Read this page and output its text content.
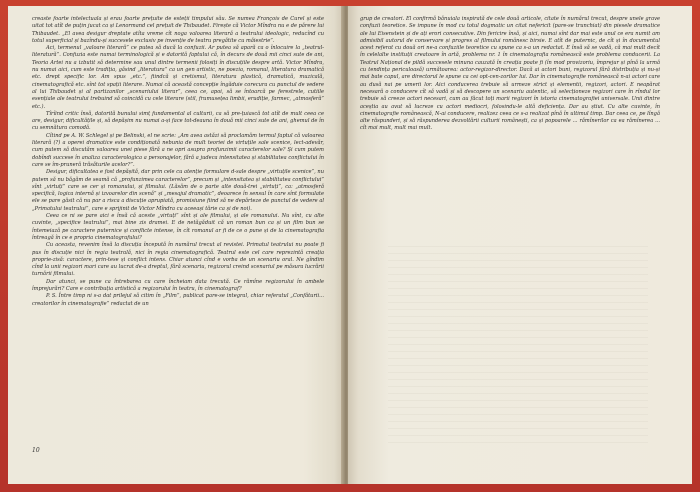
creaste foarte intelectuala și erau foarte prețuite de esteții timpului său. Se numea François de Curel și este uitat tot atît de puțin jucat ca și Lenormand cel prețuit de Thibaudet. Firește că Victor Mîndra nu e de părere lui Thibaudet. „El avea desigur dreptate atîta vreme cît noga valoarea literară a teatrului ideologic, reducînd cu totul superficial și bazîndu-și succesele exclusiv pe invenție de teatru pregătite cu măiestrie”.

Aci, termenul „valoare literară” ce putea să ducă la confuzii. Ar putea să apară ca o înlocuire la „teatrul-literatură”. Confuzia este numai terminologică și e datorită faptului că, în decurs de două mii cinci sute de ani, Teoria Artei nu a izbutit să determine sau unul dintre termenii folosiți în discuțiile despre artă. Victor Mîndra, nu numai aici, cum este tradiția, găsind „literatura” ca un gen artistic, ne poezia, romanul, literatura dramatică etc. drept specific lor. Am spus „etc.”, fiindcă și cretismul, literatura plastică, dramatică, muzicală, cinematografică etc. sînt tot spații literare. Numai că această concepție îngăduie corecura cu punctul de vedere al lui Thibaudet și al partizanilor „scenariului literar”, ceea ce, apoi, să se întoarcă pe ferestrele, cutiile esențiale ale teatrului trebuind să coincidă cu cele literare (stil, frumusețea limbii, erudiție, farmec, „atmosferă” etc.).

Tîrîind critic însă, datorită bunului simț fundamental al culturii, ca să pre-țuiască tot atît de mult ceea ce are, desigur, dificultățile și, să depășim nu numai a-și face tot-deauna în două mii cinci sute de ani, ghemul de în cu semnătura comodă.

Cîtind pe A. W. Schlegel și pe Belinski, el ne scrie: „Am avea astăzi să proclamăm termul faptul că valoarea literară (?) a operei dramatice este condiționată nebunia de mult teoriei de virtuțile sale scenice, lect-adevăr, cum putem să discutăm valoarea unei piese fără a ne opri asupra profunzimii caracterelor sale? Și cum putem dobîndi succese în analiza caracterologica a personajelor, fără a judeca intensitatea și stabilitatea conflictului în care se îm-pruneră trăsăturile acelor?”.

Desigur, dificultatea e fost depășită, dar prin cele cu atenție formulare d-sale despre „virtuțile scenice”, nu putem să nu băgăm de seamă că „profunzimea caracterelor”, precum și „intensitatea și stabilitatea conflictului” sînt „virtuți” care se cer și romanului, și filmului. (Lăsăm de o parte alte două-trei „virtuți”, ca: „atmosferă specifică, logica internă și izvoarelor din scenă” și „mesajul dramatic”, deoarece în sensul în care sînt formulate ele se pare găsit că nu par a risca a discuție aprupiată, promisiune fiind să ne depărteze de punctul de vedere al „Primatului teatrului”, care e sprijinit de Victor Mîndra cu aceeași tărie ca și de noi).

Ceea ce ni se pare aici e însă că aceste „virtuți” sînt și ale filmului, și ale romanului. Nu sînt, cu alte cuvinte, „specifice teatrului”, mai bine zis dramei. E de netăgăduit că un roman bun ca și un film bun se întemeiază pe caractere puternice și conflicte intense, în cît romanul ar fi de ce o pune și de la cinematografia întreagă în ce e propria cinematografului?

Cu aceasta, revenim însă la discuția începută în numărul trecut al revistei. Primatul teatrului nu poate fi pus în discuție nici în regia teatrală, nici în regia cinematografică. Teatrul este cel care reprezintă creația proprie-zisă: caractere, prin-tese și conflict intens. Chiar atunci cînd e vorba de un scenariu oral. Ne gîndim cînd la unii regizori mari care au lucrat de-a dreptul, fără scenariu, regizorul creind scenariul pe măsura lucrării turnării filmului.

Dar atunci, se pune ca întrebarea cu care încheiam data trecută. Ce rămîne regizorului în ambele împrejurări? Care e contribuția artistică a regizorului în teatru, în cinematograf?

P. S. Între timp ni s-a dat prilejul să citim în „Film”, publicat pare-se integral, chiar referatul „Confăturii... creatorilor în cinematografie” redactat de un

10

grup de creatori. El confirmă bănuiala inspirată de cele două articole, citate în numărul trecut, despre unele grave confuzii teoretice. Se impune în mod cu totul dogmatic un citat nefericit (pare-se trunchiat) din piesele dramatice ale lui Eisenstein și de ați erori consecutive. Din fericire însă, și aici, numai sînt dar mai este unul ce era numit am admisibil autorul de conservare și progres al filmului românesc birsie. E atît de puternic, de cît și în documentul acest referat cu două ori ne-a confuziile teoretice cu spune ca s-a un redactat. E însă să se vadă, că mai mult decît în celelalte instituții creatoare în artă, problema nr. 1 în cinematografia românească este problema conducerii. La Teatrul Național de pildă succesele minuna cauzată în creația poate fi (în mod provizoriu, împrejur și pînă la urmă cu tendința periculoasă) următoarea: actor-regizor-director. Dacă ai actori buni, regizorul fără distribuția și nu-și mai bate capul, are directorul le spune ca cei opt-cen-zorilor lui. Dar în cinematografie românească n-ai actori care au dusă nai pe umerii lor. Aici conducerea trebuie să urmeze strict și elementii, regizori, actori. E neapărat necesară o conducere cît să vadă și să descopere un scenariu autentic, să selecționeze regizori care în rîndul lor trebuie să creeze actori necesari, cum au făcut toți marii regizori în istoria cinematografiei universale. Unii dintre aceștia au avut să lucreze cu actori mediocri, folosindu-le altă deficiența. Dar au știut. Cu alte cuvinte, în cinematografie românească, N-ai conducere, realizez ceea ce s-a realizat pînă în ultimul timp. Dar ceea ce, pe lîngă alte răspunderi, și să răspunderea dezvoltării culturii românești, ca și popoarele ... rămînerilor ca ea rămînerea ... cît mai mult, mult mai mult.
